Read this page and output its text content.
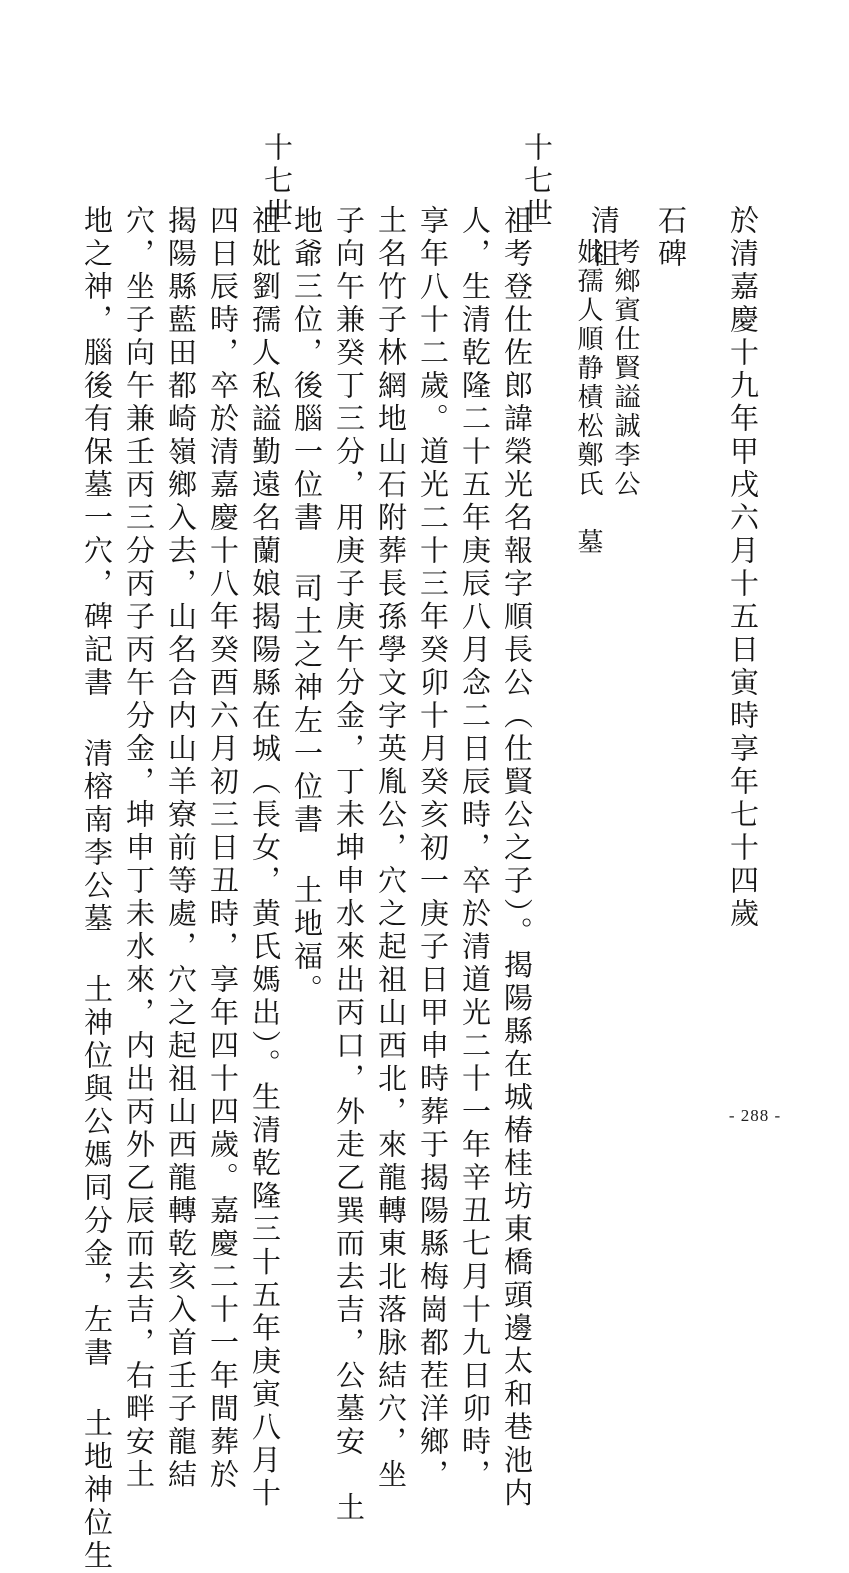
於清嘉慶十九年甲戌六月十五日寅時享年七十四歲
石碑
考鄉賓仕賢謚誠李公
清祖
妣孺人順静樍松鄭氏　墓
十七世
祖考登仕佐郎諱榮光名報字順長公（仕賢公之子）。揭陽縣在城椿桂坊東橋頭邊太和巷池内
人，生清乾隆二十五年庚辰八月念二日辰時，卒於清道光二十一年辛丑七月十九日卯時，
享年八十二歲。道光二十三年癸卯十月癸亥初一庚子日甲申時葬于揭陽縣梅崗都茬洋鄉，
土名竹子林網地山石附葬長孫學文字英胤公，穴之起祖山西北，來龍轉東北落脉結穴，坐
子向午兼癸丁三分，用庚子庚午分金，丁未坤申水來出丙口，外走乙巽而去吉，公墓安　土
地爺三位，後腦一位書 司土之神左一位書 土地福。
十七世
祖妣劉孺人私謚勤遠名蘭娘揭陽縣在城（長女，黄氏媽出）。生清乾隆三十五年庚寅八月十
四日辰時，卒於清嘉慶十八年癸酉六月初三日丑時，享年四十四歲。嘉慶二十一年間葬於
揭陽縣藍田都崎嶺鄉入去，山名合内山羊寮前等處，穴之起祖山西龍轉乾亥入首壬子龍結
穴，坐子向午兼壬丙三分丙子丙午分金，坤申丁未水來，内出丙外乙辰而去吉，右畔安土
地之神，腦後有保墓一穴，碑記書 清榕南李公墓 土神位與公媽同分金，左書 土地神位生	- 288 -
